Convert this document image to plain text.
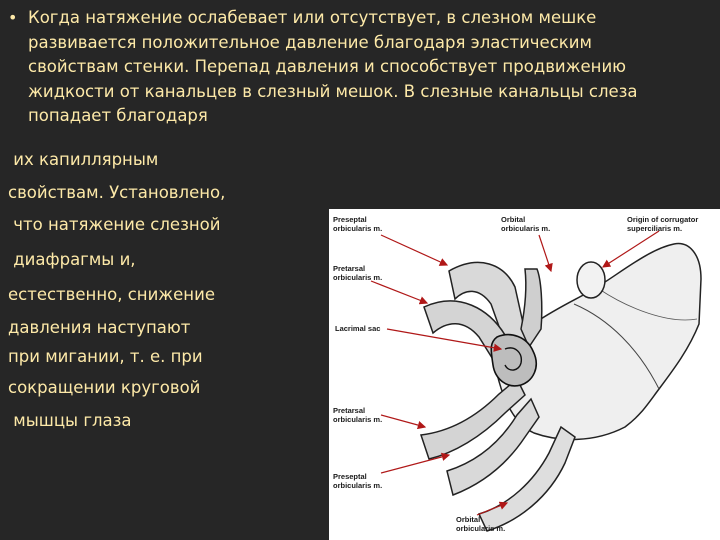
• Когда натяжение ослабевает или отсутствует, в слезном мешке развивается положительное давление благодаря эластическим свойствам стенки. Перепад давления и способствует продвижению жидкости от канальцев в слезный мешок. В слезные канальцы слеза попадает благодаря
их капиллярным
свойствам. Установлено,
что натяжение слезной
диафрагмы и,
естественно, снижение
давления наступают
при мигании, т. е. при
сокращении круговой
мышцы глаза
Preseptal
orbicularis m.
Orbital
orbicularis m.
Origin of corrugator
superciliaris m.
Pretarsal
orbicularis m.
Lacrimal sac
Pretarsal
orbicularis m.
Preseptal
orbicularis m.
Orbital
orbicularis m.
